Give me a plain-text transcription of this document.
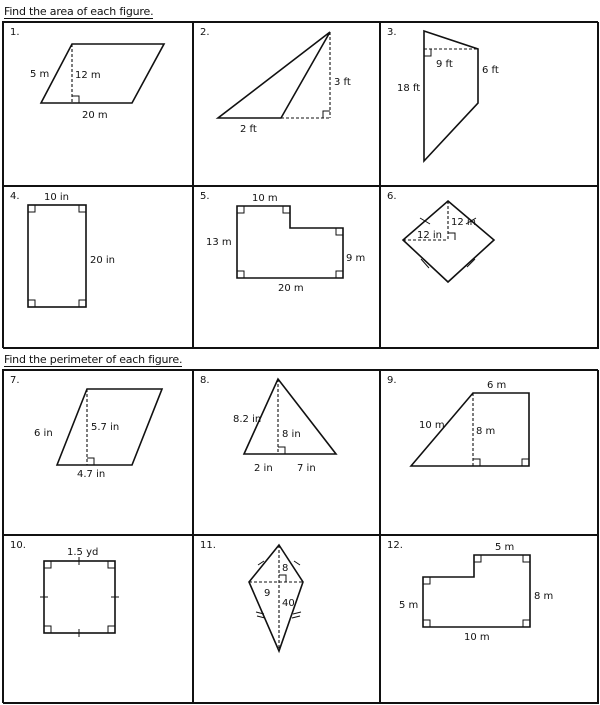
Find the area of each figure.
1.
5 m	12 m
20 m
2.
3 ft
2 ft
3.
9 ft
6 ft
18 ft
4. 10 in
20 in
5.	10 m
13 m
9 m
20 m
6.
12 in
12 in
Find the perimeter of each figure.
7.
6 in
5.7 in
4.7 in
8.
8.2 in
8 in
2 in 7 in
9.	6 m
10 m
8 m
10.
1.5 yd
11.
8
9
40
12.	5 m
8 m
5 m
10 m
